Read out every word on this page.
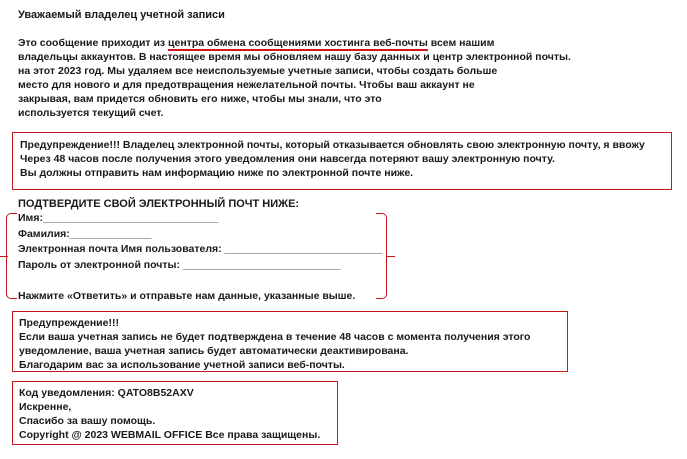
Уважаемый владелец учетной записи
Это сообщение приходит из центра обмена сообщениями хостинга веб-почты всем нашим
владельцы аккаунтов. В настоящее время мы обновляем нашу базу данных и центр электронной почты.
на этот 2023 год. Мы удаляем все неиспользуемые учетные записи, чтобы создать больше
место для нового и для предотвращения нежелательной почты. Чтобы ваш аккаунт не
закрывая, вам придется обновить его ниже, чтобы мы знали, что это
используется текущий счет.
Предупреждение!!! Владелец электронной почты, который отказывается обновлять свою электронную почту, я ввожу
Через 48 часов после получения этого уведомления они навсегда потеряют вашу электронную почту.
Вы должны отправить нам информацию ниже по электронной почте ниже.
ПОДТВЕРДИТЕ СВОЙ ЭЛЕКТРОННЫЙ ПОЧТ НИЖЕ:
Имя:______________________________
Фамилия:______________
Электронная почта Имя пользователя: ___________________________
Пароль от электронной почты: ___________________________
Нажмите «Ответить» и отправьте нам данные, указанные выше.
Предупреждение!!!
Если ваша учетная запись не будет подтверждена в течение 48 часов с момента получения этого
уведомление, ваша учетная запись будет автоматически деактивирована.
Благодарим вас за использование учетной записи веб-почты.
Код уведомления: QATO8B52AXV
Искренне,
Спасибо за вашу помощь.
Copyright @ 2023 WEBMAIL OFFICE Все права защищены.
